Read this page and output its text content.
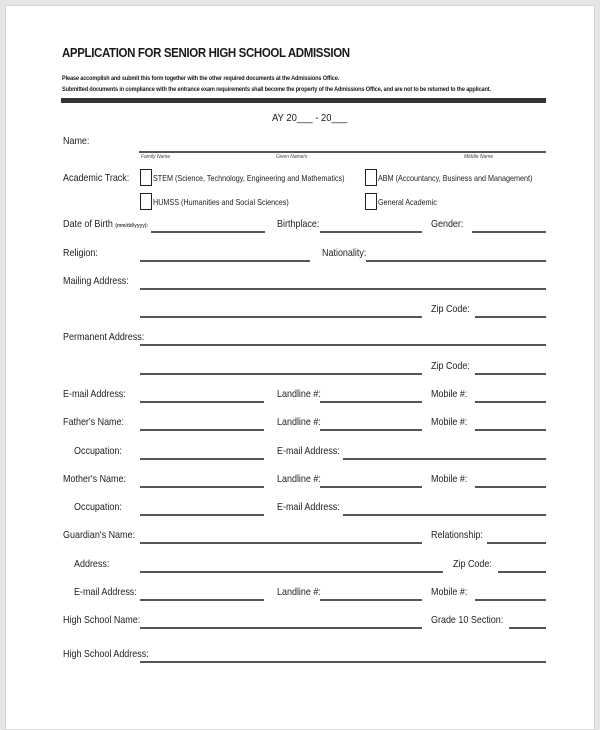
APPLICATION FOR SENIOR HIGH SCHOOL ADMISSION
Please accomplish and submit this form together with the other required documents at the Admissions Office.
Submitted documents in compliance with the entrance exam requirements shall become the property of the Admissions Office, and are not to be returned to the applicant.
AY 20___ - 20___
Name:
Family Name	Given Name/s	Middle Name
Academic Track:	STEM (Science, Technology, Engineering and Mathematics)	ABM (Accountancy, Business and Management)
HUMSS (Humanities and Social Sciences)	General Academic
Date of Birth (mm/dd/yyyy):	Birthplace:	Gender:
Religion:	Nationality:
Mailing Address:
Zip Code:
Permanent Address:
Zip Code:
E-mail Address:	Landline #:	Mobile #:
Father's Name:	Landline #:	Mobile #:
Occupation:	E-mail Address:
Mother's Name:	Landline #:	Mobile #:
Occupation:	E-mail Address:
Guardian's Name:	Relationship:
Address:	Zip Code:
E-mail Address:	Landline #:	Mobile #:
High School Name:	Grade 10 Section:
High School Address:
